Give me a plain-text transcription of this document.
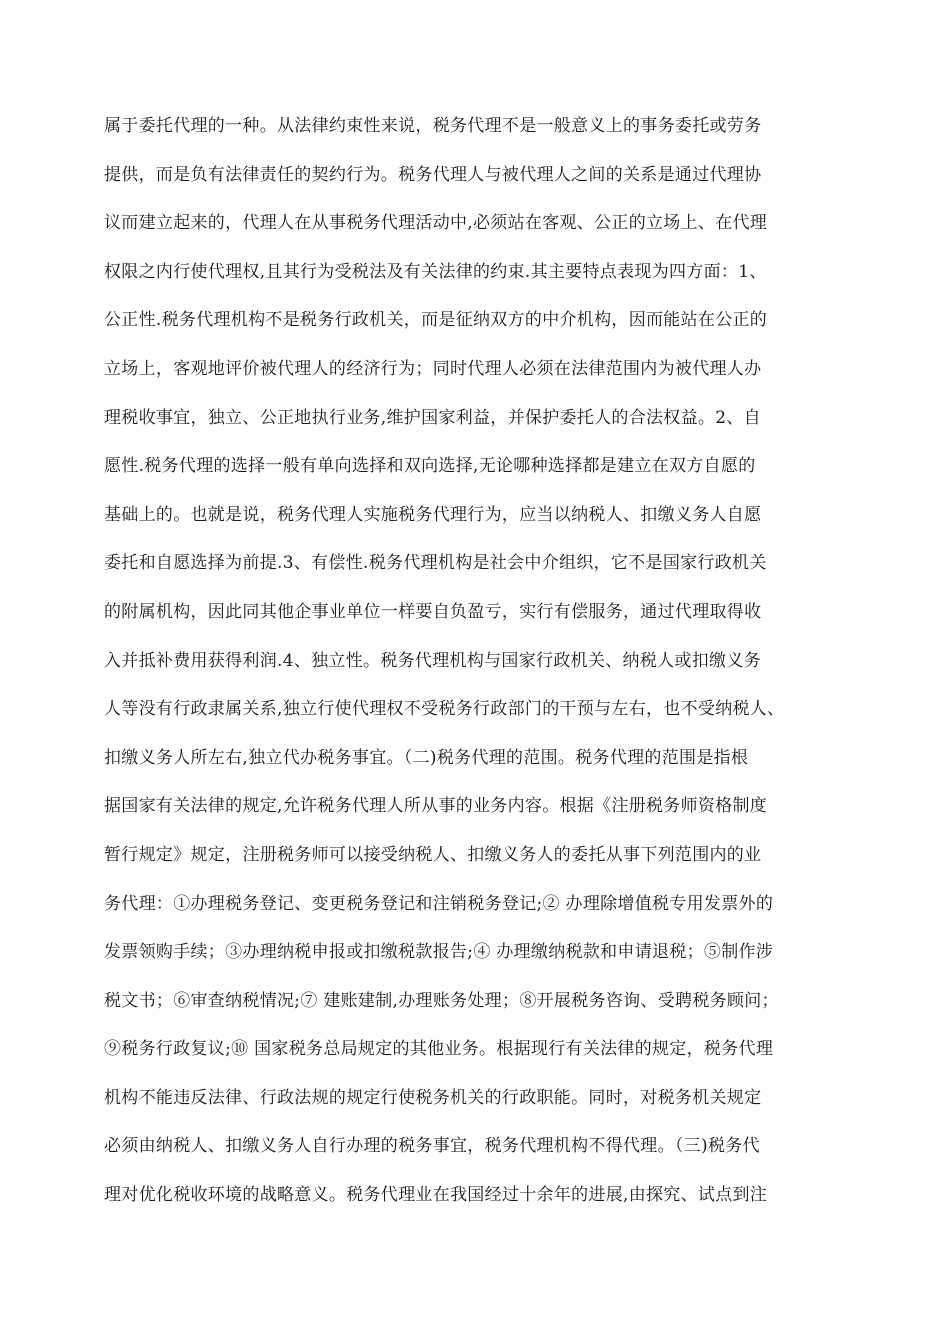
属于委托代理的一种。从法律约束性来说，税务代理不是一般意义上的事务委托或劳务
提供，而是负有法律责任的契约行为。税务代理人与被代理人之间的关系是通过代理协
议而建立起来的，代理人在从事税务代理活动中,必须站在客观、公正的立场上、在代理
权限之内行使代理权,且其行为受税法及有关法律的约束.其主要特点表现为四方面：1、
公正性.税务代理机构不是税务行政机关，而是征纳双方的中介机构，因而能站在公正的
立场上，客观地评价被代理人的经济行为；同时代理人必须在法律范围内为被代理人办
理税收事宜，独立、公正地执行业务,维护国家利益，并保护委托人的合法权益。2、自
愿性.税务代理的选择一般有单向选择和双向选择,无论哪种选择都是建立在双方自愿的
基础上的。也就是说，税务代理人实施税务代理行为，应当以纳税人、扣缴义务人自愿
委托和自愿选择为前提.3、有偿性.税务代理机构是社会中介组织，它不是国家行政机关
的附属机构，因此同其他企事业单位一样要自负盈亏，实行有偿服务，通过代理取得收
入并抵补费用获得利润.4、独立性。税务代理机构与国家行政机关、纳税人或扣缴义务
人等没有行政隶属关系,独立行使代理权不受税务行政部门的干预与左右，也不受纳税人、
扣缴义务人所左右,独立代办税务事宜。（二)税务代理的范围。税务代理的范围是指根
据国家有关法律的规定,允许税务代理人所从事的业务内容。根据《注册税务师资格制度
暂行规定》规定，注册税务师可以接受纳税人、扣缴义务人的委托从事下列范围内的业
务代理：①办理税务登记、变更税务登记和注销税务登记;② 办理除增值税专用发票外的
发票领购手续；③办理纳税申报或扣缴税款报告;④ 办理缴纳税款和申请退税；⑤制作涉
税文书；⑥审查纳税情况;⑦ 建账建制,办理账务处理；⑧开展税务咨询、受聘税务顾问；
⑨税务行政复议;⑩ 国家税务总局规定的其他业务。根据现行有关法律的规定，税务代理
机构不能违反法律、行政法规的规定行使税务机关的行政职能。同时，对税务机关规定
必须由纳税人、扣缴义务人自行办理的税务事宜，税务代理机构不得代理。（三)税务代
理对优化税收环境的战略意义。税务代理业在我国经过十余年的进展,由探究、试点到注
